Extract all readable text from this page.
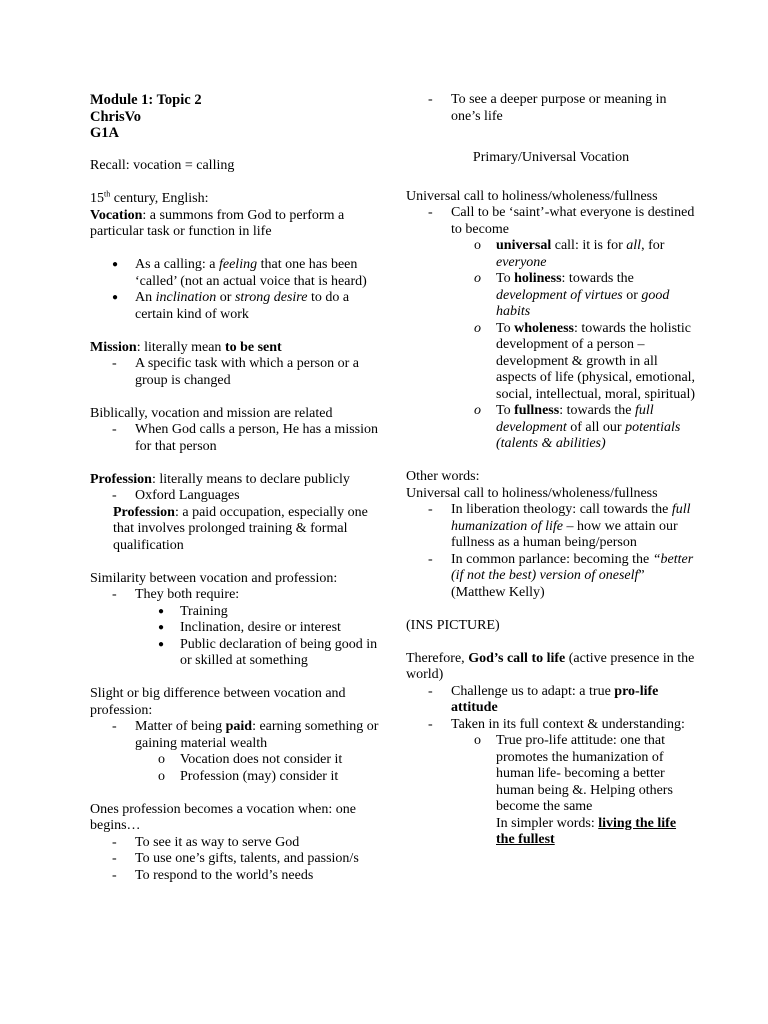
Module 1: Topic 2

ChrisVo

G1A

Recall: vocation = calling

15th century, English:

Vocation: a summons from God to perform a particular task or function in life

● As a calling: a feeling that one has been ‘called’ (not an actual voice that is heard)
● An inclination or strong desire to do a certain kind of work

Mission: literally mean to be sent

- A specific task with which a person or a group is changed

Biblically, vocation and mission are related

- When God calls a person, He has a mission for that person

Profession: literally means to declare publicly

- Oxford Languages
Profession: a paid occupation, especially one that involves prolonged training & formal qualification

Similarity between vocation and profession:

- They both require:
● Training
● Inclination, desire or interest
● Public declaration of being good in or skilled at something

Slight or big difference between vocation and profession:

- Matter of being paid: earning something or gaining material wealth
o Vocation does not consider it
o Profession (may) consider it

Ones profession becomes a vocation when: one begins…

- To see it as way to serve God
- To use one’s gifts, talents, and passion/s
- To respond to the world’s needs
- To see a deeper purpose or meaning in one’s life

Primary/Universal Vocation

Universal call to holiness/wholeness/fullness

- Call to be ‘saint’-what everyone is destined to become
o universal call: it is for all, for everyone
o To holiness: towards the development of virtues or good habits
o To wholeness: towards the holistic development of a person – development & growth in all aspects of life (physical, emotional, social, intellectual, moral, spiritual)
o To fullness: towards the full development of all our potentials (talents & abilities)

Other words:

Universal call to holiness/wholeness/fullness

- In liberation theology: call towards the full humanization of life – how we attain our fullness as a human being/person
- In common parlance: becoming the “better (if not the best) version of oneself” (Matthew Kelly)

(INS PICTURE)

Therefore, God’s call to life (active presence in the world)

- Challenge us to adapt: a true pro-life attitude
- Taken in its full context & understanding:
o True pro-life attitude: one that promotes the humanization of human life- becoming a better human being &. Helping others become the same
In simpler words: living the life the fullest
